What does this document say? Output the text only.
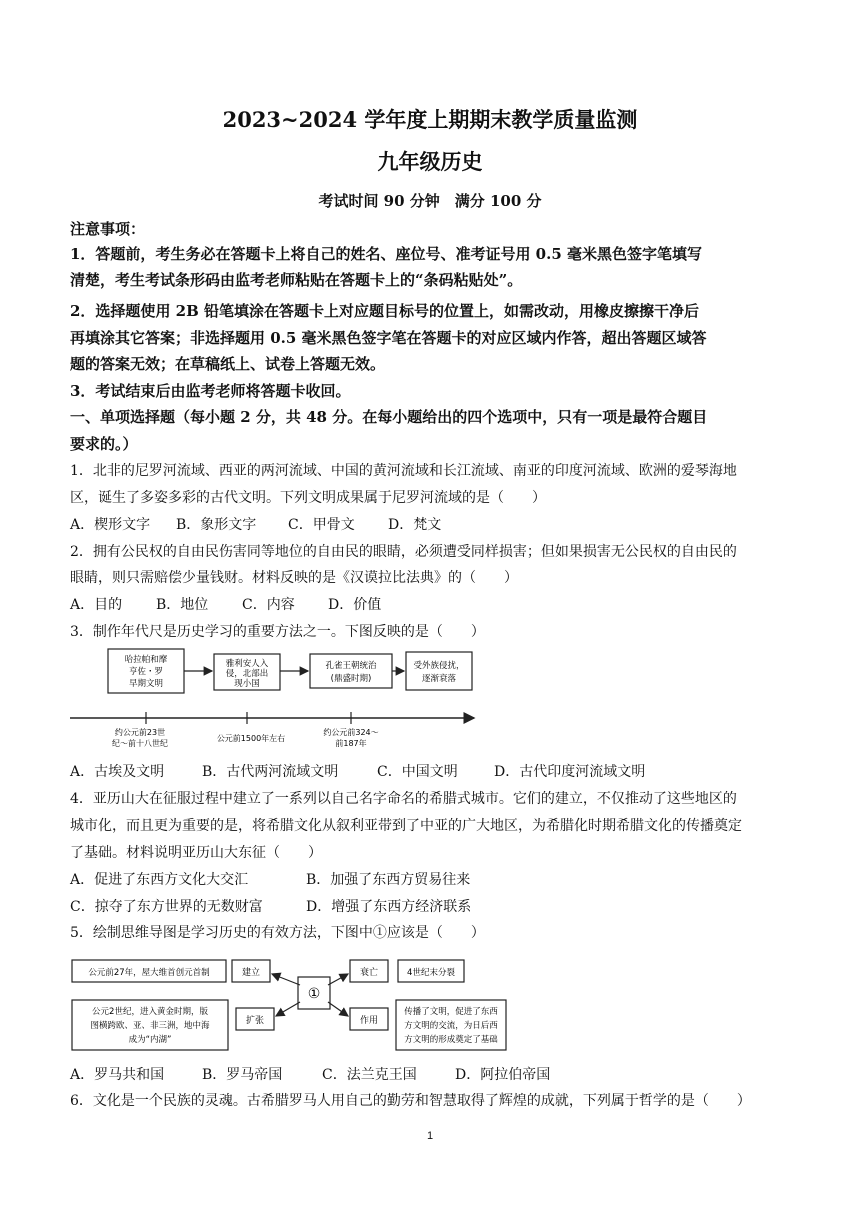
2023~2024 学年度上期期末教学质量监测
九年级历史
考试时间 90 分钟　满分 100 分
注意事项：
1．答题前，考生务必在答题卡上将自己的姓名、座位号、准考证号用 0.5 毫米黑色签字笔填写
清楚，考生考试条形码由监考老师粘贴在答题卡上的“条码粘贴处”。
2．选择题使用 2B 铅笔填涂在答题卡上对应题目标号的位置上，如需改动，用橡皮擦擦干净后
再填涂其它答案；非选择题用 0.5 毫米黑色签字笔在答题卡的对应区域内作答，超出答题区域答
题的答案无效；在草稿纸上、试卷上答题无效。
3．考试结束后由监考老师将答题卡收回。
一、单项选择题（每小题 2 分，共 48 分。在每小题给出的四个选项中，只有一项是最符合题目
要求的。）
1．北非的尼罗河流域、西亚的两河流域、中国的黄河流域和长江流域、南亚的印度河流域、欧洲的爱琴海地
区，诞生了多姿多彩的古代文明。下列文明成果属于尼罗河流域的是（　　）
A．楔形文字 B．象形文字 C．甲骨文 D．梵文
2．拥有公民权的自由民伤害同等地位的自由民的眼睛，必须遭受同样损害；但如果损害无公民权的自由民的
眼睛，则只需赔偿少量钱财。材料反映的是《汉谟拉比法典》的（　　）
A．目的 B．地位 C．内容 D．价值
3．制作年代尺是历史学习的重要方法之一。下图反映的是（　　）
哈拉帕和摩
亨佐・罗
早期文明
雅利安人入
侵，北部出
现小国
孔雀王朝统治
(鼎盛时期)
受外族侵扰，
逐渐衰落
约公元前23世
纪～前十八世纪
公元前1500年左右
约公元前324～
前187年
A．古埃及文明	B．古代两河流域文明	C．中国文明	D．古代印度河流域文明
4．亚历山大在征服过程中建立了一系列以自己名字命名的希腊式城市。它们的建立，不仅推动了这些地区的
城市化，而且更为重要的是，将希腊文化从叙利亚带到了中亚的广大地区，为希腊化时期希腊文化的传播奠定
了基础。材料说明亚历山大东征（　　）
A．促进了东西方文化大交汇	B．加强了东西方贸易往来
C．掠夺了东方世界的无数财富	D．增强了东西方经济联系
5．绘制思维导图是学习历史的有效方法，下图中①应该是（　　）
公元前27年，屋大维首创元首制	建立
公元2世纪，进入黄金时期，版
图横跨欧、亚、非三洲，地中海
成为“内湖”
扩张
①
衰亡	4世纪末分裂
作用
传播了文明，促进了东西
方文明的交流，为日后西
方文明的形成奠定了基础
A．罗马共和国	B．罗马帝国	C．法兰克王国	D．阿拉伯帝国
6．文化是一个民族的灵魂。古希腊罗马人用自己的勤劳和智慧取得了辉煌的成就，下列属于哲学的是（　　）
1
